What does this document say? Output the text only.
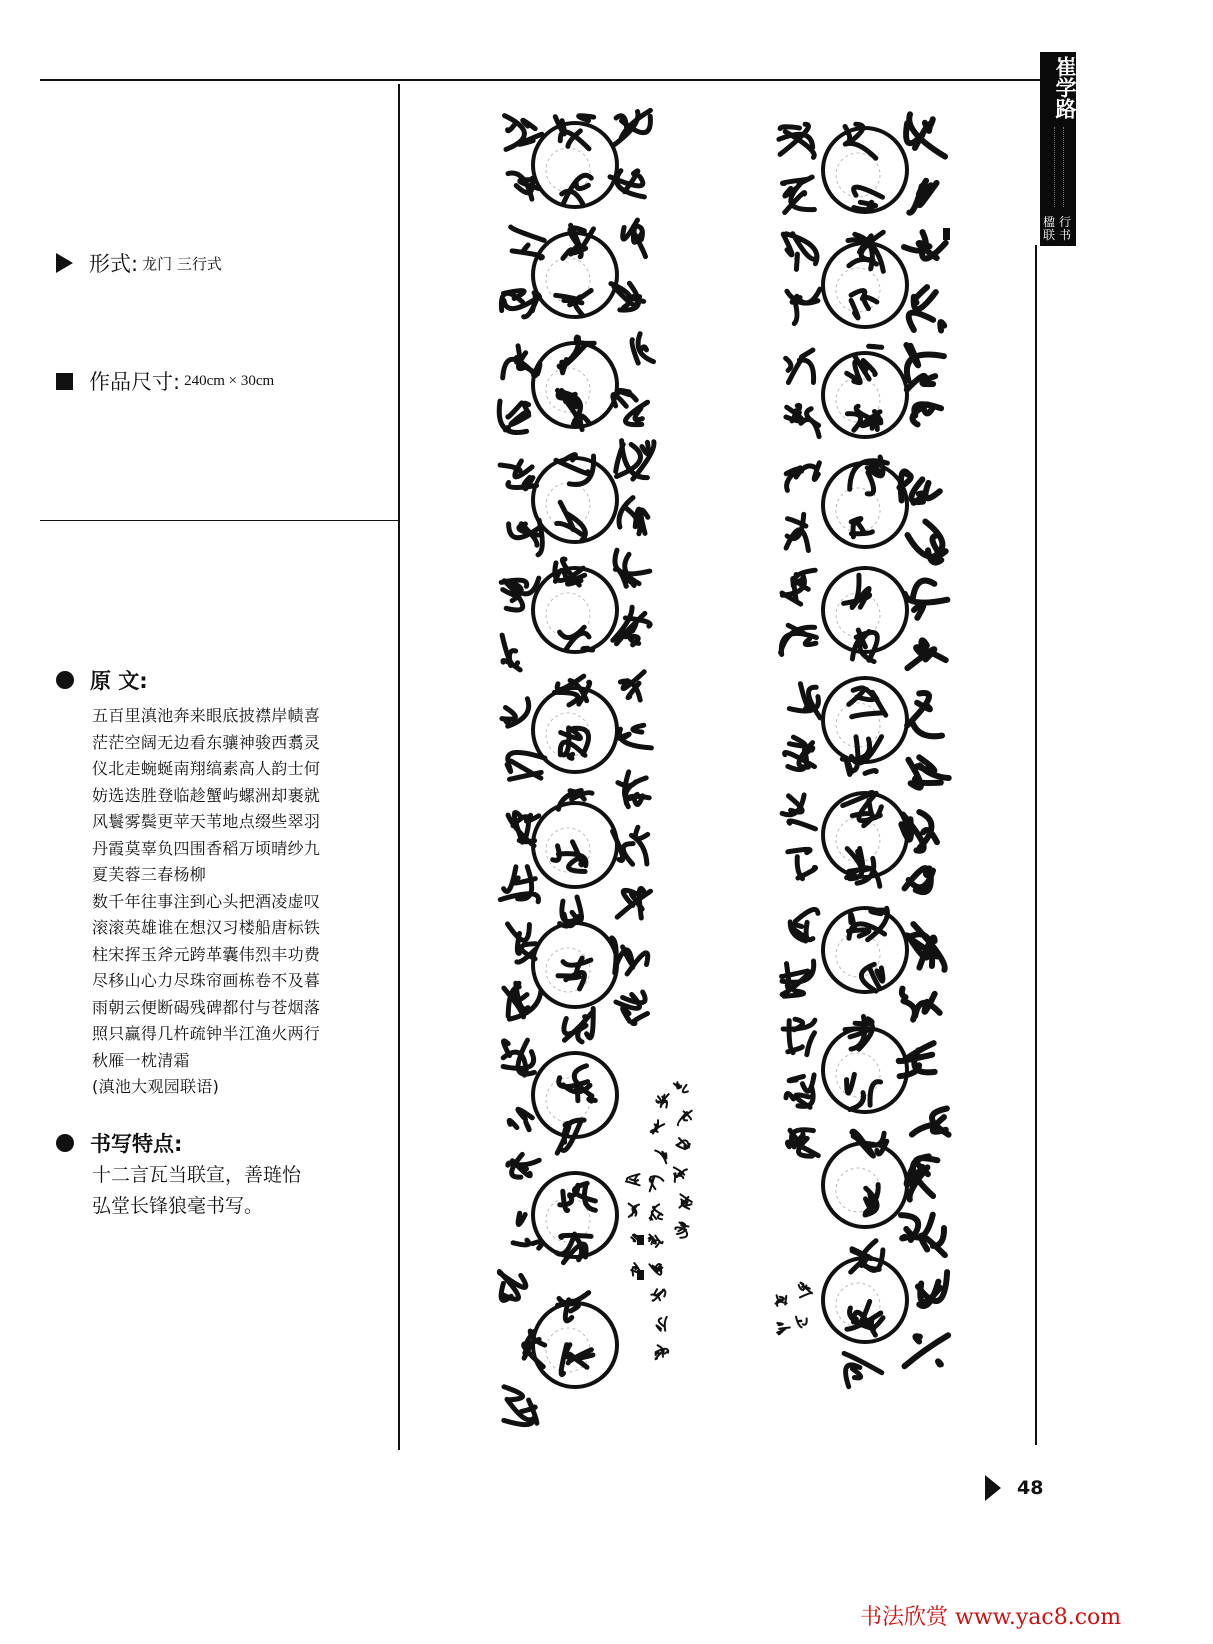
崔学路
楹联
行书
形式: 龙门 三行式
作品尺寸: 240cm × 30cm
原 文:
五百里滇池奔来眼底披襟岸帻喜
茫茫空阔无边看东骧神骏西翥灵
仪北走蜿蜒南翔缟素高人韵士何
妨选迭胜登临趁蟹屿螺洲却裹就
风鬟雾鬓更苹天苇地点缀些翠羽
丹霞莫辜负四围香稻万顷晴纱九
夏芙蓉三春杨柳
数千年往事注到心头把酒凌虚叹
滚滚英雄谁在想汉习楼船唐标铁
柱宋挥玉斧元跨革囊伟烈丰功费
尽移山心力尽珠帘画栋卷不及暮
雨朝云便断碣残碑都付与苍烟落
照只赢得几杵疏钟半江渔火两行
秋雁一枕清霜
(滇池大观园联语)
书写特点:
十二言瓦当联宣，善琏怡
弘堂长锋狼毫书写。
48
书法欣赏 www.yac8.com
